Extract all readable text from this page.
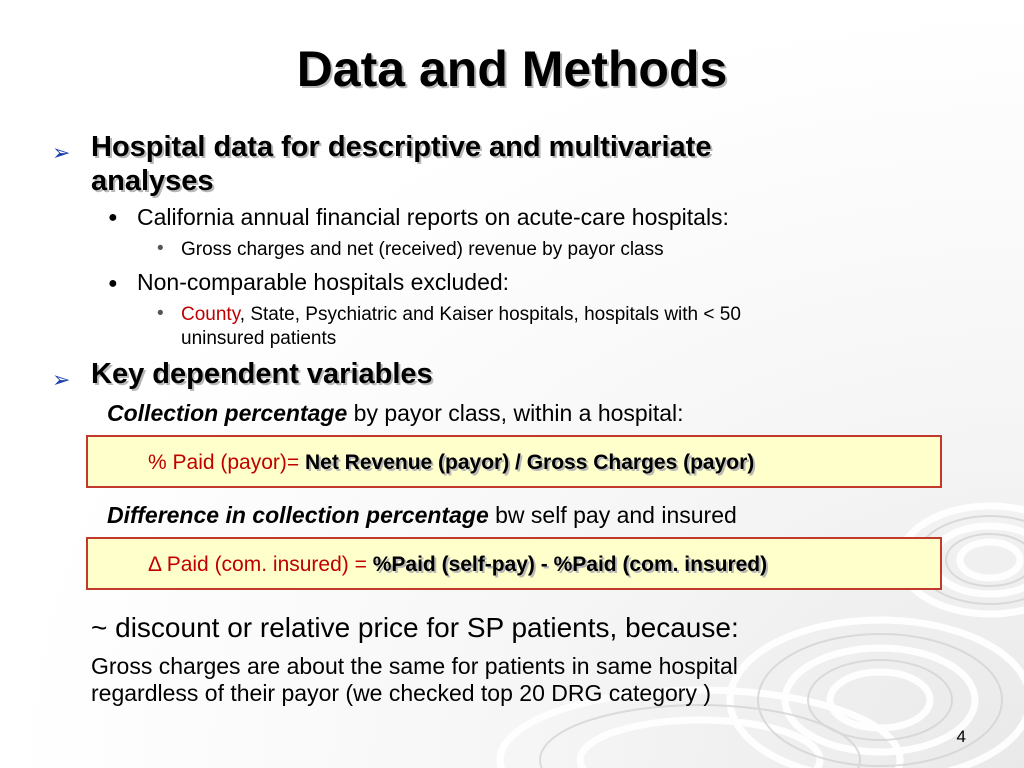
Data and Methods
➢ Hospital data for descriptive and multivariate
analyses
● California annual financial reports on acute-care hospitals:
• Gross charges and net (received) revenue by payor class
● Non-comparable hospitals excluded:
• County, State, Psychiatric and Kaiser hospitals, hospitals with < 50
uninsured patients
➢ Key dependent variables
Collection percentage by payor class, within a hospital:
% Paid (payor)= Net Revenue (payor) / Gross Charges (payor)
Difference in collection percentage bw self pay and insured
Δ Paid (com. insured) = %Paid (self-pay) - %Paid (com. insured)
~ discount or relative price for SP patients, because:
Gross charges are about the same for patients in same hospital
regardless of their payor (we checked top 20 DRG category )
4
